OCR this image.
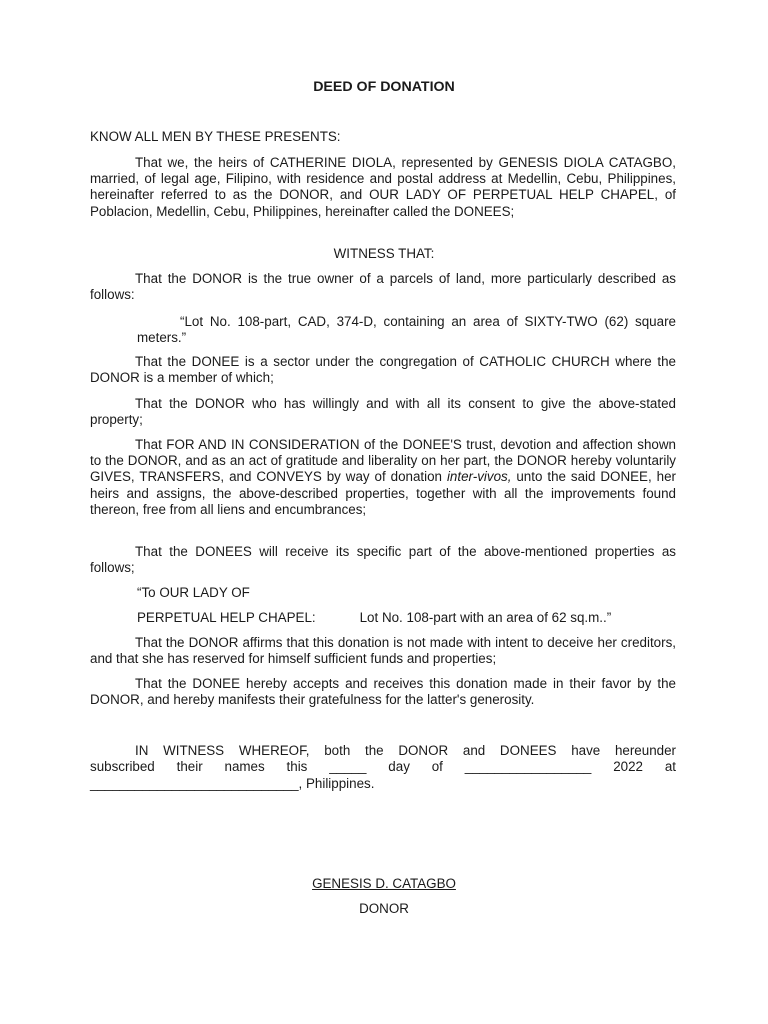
DEED OF DONATION
KNOW ALL MEN BY THESE PRESENTS:

That we, the heirs of CATHERINE DIOLA, represented by GENESIS DIOLA CATAGBO, married, of legal age, Filipino, with residence and postal address at Medellin, Cebu, Philippines, hereinafter referred to as the DONOR, and OUR LADY OF PERPETUAL HELP CHAPEL, of Poblacion, Medellin, Cebu, Philippines, hereinafter called the DONEES;

WITNESS THAT:

That the DONOR is the true owner of a parcels of land, more particularly described as follows:

“Lot No. 108-part, CAD, 374-D, containing an area of SIXTY-TWO (62) square meters.”

That the DONEE is a sector under the congregation of CATHOLIC CHURCH where the DONOR is a member of which;

That the DONOR who has willingly and with all its consent to give the above-stated property;

That FOR AND IN CONSIDERATION of the DONEE'S trust, devotion and affection shown to the DONOR, and as an act of gratitude and liberality on her part, the DONOR hereby voluntarily GIVES, TRANSFERS, and CONVEYS by way of donation inter-vivos, unto the said DONEE, her heirs and assigns, the above-described properties, together with all the improvements found thereon, free from all liens and encumbrances;

That the DONEES will receive its specific part of the above-mentioned properties as follows;

“To OUR LADY OF
PERPETUAL HELP CHAPEL:	Lot No. 108-part with an area of 62 sq.m..”

That the DONOR affirms that this donation is not made with intent to deceive her creditors, and that she has reserved for himself sufficient funds and properties;

That the DONEE hereby accepts and receives this donation made in their favor by the DONOR, and hereby manifests their gratefulness for the latter's generosity.

IN WITNESS WHEREOF, both the DONOR and DONEES have hereunder
subscribed their names this _____ day of _________________ 2022 at
____________________________, Philippines.
GENESIS D. CATAGBO
DONOR
